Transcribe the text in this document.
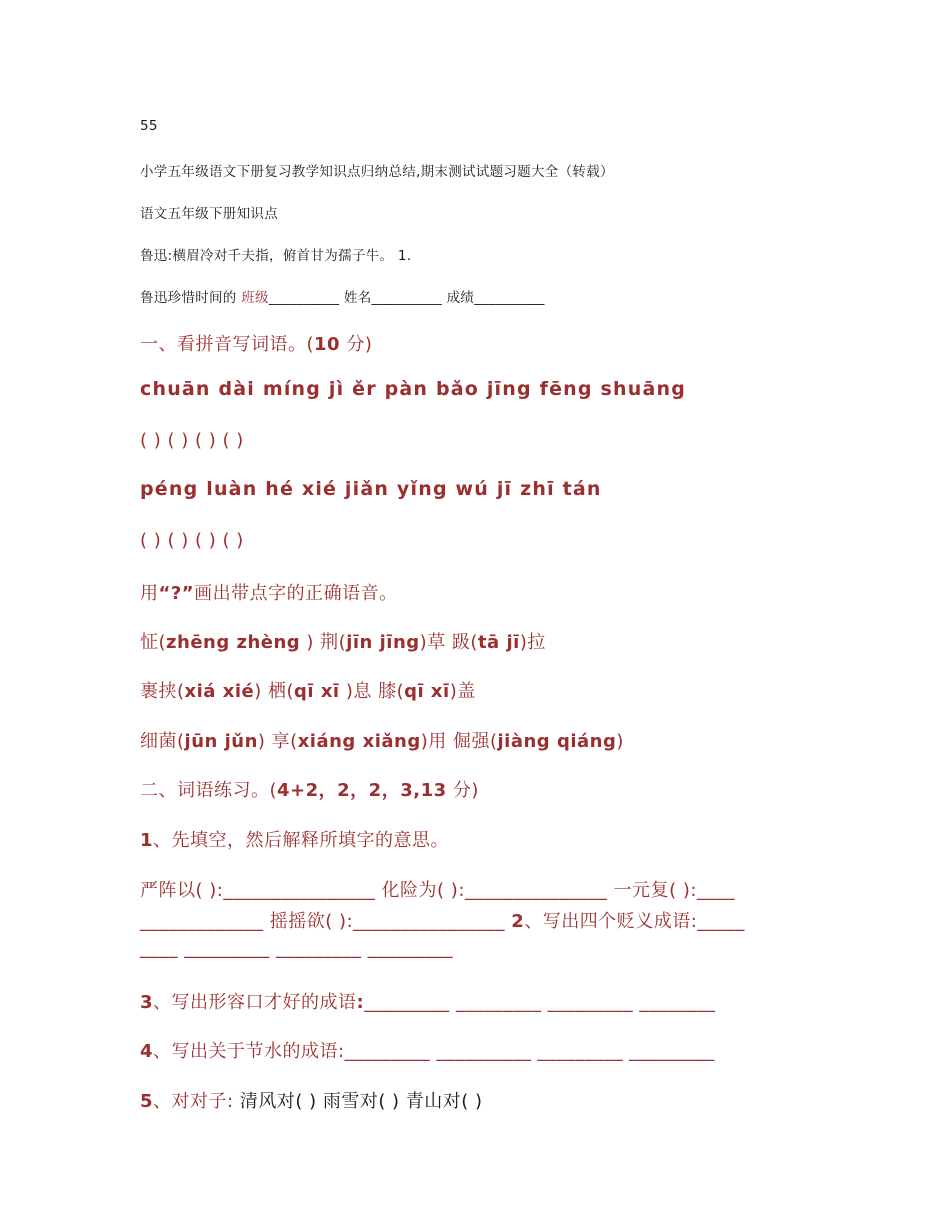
55

小学五年级语文下册复习教学知识点归纳总结,期末测试试题习题大全（转载）

语文五年级下册知识点

鲁迅:横眉冷对千夫指，俯首甘为孺子牛。 1.

鲁迅珍惜时间的 班级__________ 姓名__________ 成绩__________

一、看拼音写词语。(10 分)

chuān dài míng jì ěr pàn bǎo jīng fēng shuāng

( ) ( ) ( ) ( )

péng luàn hé xié jiǎn yǐng wú jī zhī tán

( ) ( ) ( ) ( )

用“?”画出带点字的正确语音。

怔(zhēng zhèng ) 荆(jīn jīng)草 趿(tā jī)拉

裹挟(xiá xié) 栖(qī xī )息 膝(qī xī)盖

细菌(jūn jǔn) 享(xiáng xiǎng)用 倔强(jiàng qiáng)

二、词语练习。(4+2，2，2，3,13 分)

1、先填空，然后解释所填字的意思。

严阵以( ):________________ 化险为( ):_______________ 一元复( ):____

_____________ 摇摇欲( ):________________ 2、写出四个贬义成语:_____

____ _________ _________ _________

3、写出形容口才好的成语:_________ _________ _________ ________

4、写出关于节水的成语:_________ __________ _________ _________

5、对对子: 清风对( ) 雨雪对( ) 青山对( )
